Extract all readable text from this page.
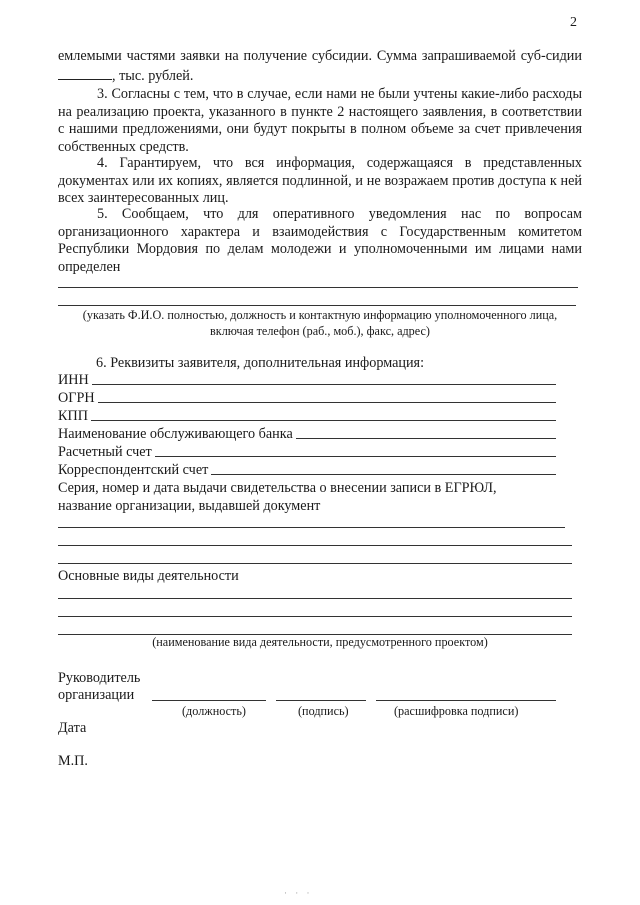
2

емлемыми частями заявки на получение субсидии. Сумма запрашиваемой суб-сидии , тыс. рублей.

3. Согласны с тем, что в случае, если нами не были учтены какие-либо расходы на реализацию проекта, указанного в пункте 2 настоящего заявления, в соответствии с нашими предложениями, они будут покрыты в полном объеме за счет привлечения собственных средств.

4. Гарантируем, что вся информация, содержащаяся в представленных документах или их копиях, является подлинной, и не возражаем против доступа к ней всех заинтересованных лиц.

5. Сообщаем, что для оперативного уведомления нас по вопросам организационного характера и взаимодействия с Государственным комитетом Республики Мордовия по делам молодежи и уполномоченными им лицами нами определен

(указать Ф.И.О. полностью, должность и контактную информацию уполномоченного лица,
включая телефон (раб., моб.), факс, адрес)
6. Реквизиты заявителя, дополнительная информация:
ИНН
ОГРН
КПП
Наименование обслуживающего банка
Расчетный счет
Корреспондентский счет
Серия, номер и дата выдачи свидетельства о внесении записи в ЕГРЮЛ,
название организации, выдавшей документ
Основные виды деятельности
(наименование вида деятельности, предусмотренного проектом)
Руководитель
организации
(должность)	(подпись)	(расшифровка подписи)
Дата
М.П.
· · ·
